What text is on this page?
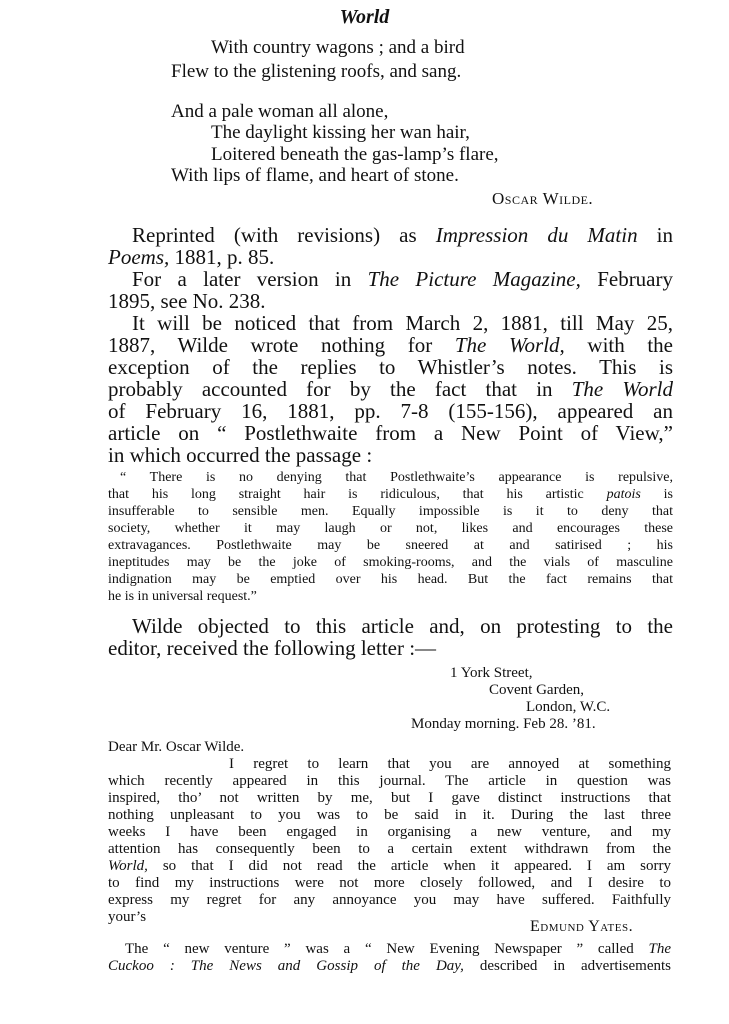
World
With country wagons ; and a bird
Flew to the glistening roofs, and sang.
And a pale woman all alone,
The daylight kissing her wan hair,
Loitered beneath the gas-lamp’s flare,
With lips of flame, and heart of stone.
Oscar Wilde.
Reprinted (with revisions) as Impression du Matin in
Poems, 1881, p. 85.
For a later version in The Picture Magazine, February
1895, see No. 238.
It will be noticed that from March 2, 1881, till May 25,
1887, Wilde wrote nothing for The World, with the
exception of the replies to Whistler’s notes. This is
probably accounted for by the fact that in The World
of February 16, 1881, pp. 7-8 (155-156), appeared an
article on “ Postlethwaite from a New Point of View,”
in which occurred the passage :
“ There is no denying that Postlethwaite’s appearance is repulsive,
that his long straight hair is ridiculous, that his artistic patois is
insufferable to sensible men. Equally impossible is it to deny that
society, whether it may laugh or not, likes and encourages these
extravagances. Postlethwaite may be sneered at and satirised ; his
ineptitudes may be the joke of smoking-rooms, and the vials of masculine
indignation may be emptied over his head. But the fact remains that
he is in universal request.”
Wilde objected to this article and, on protesting to the
editor, received the following letter :—
1 York Street,
Covent Garden,
London, W.C.
Monday morning. Feb 28. ’81.
Dear Mr. Oscar Wilde.
I regret to learn that you are annoyed at something
which recently appeared in this journal. The article in question was
inspired, tho’ not written by me, but I gave distinct instructions that
nothing unpleasant to you was to be said in it. During the last three
weeks I have been engaged in organising a new venture, and my
attention has consequently been to a certain extent withdrawn from the
World, so that I did not read the article when it appeared. I am sorry
to find my instructions were not more closely followed, and I desire to
express my regret for any annoyance you may have suffered. Faithfully
your’s
Edmund Yates.
The “ new venture ” was a “ New Evening Newspaper ” called The
Cuckoo : The News and Gossip of the Day, described in advertisements
